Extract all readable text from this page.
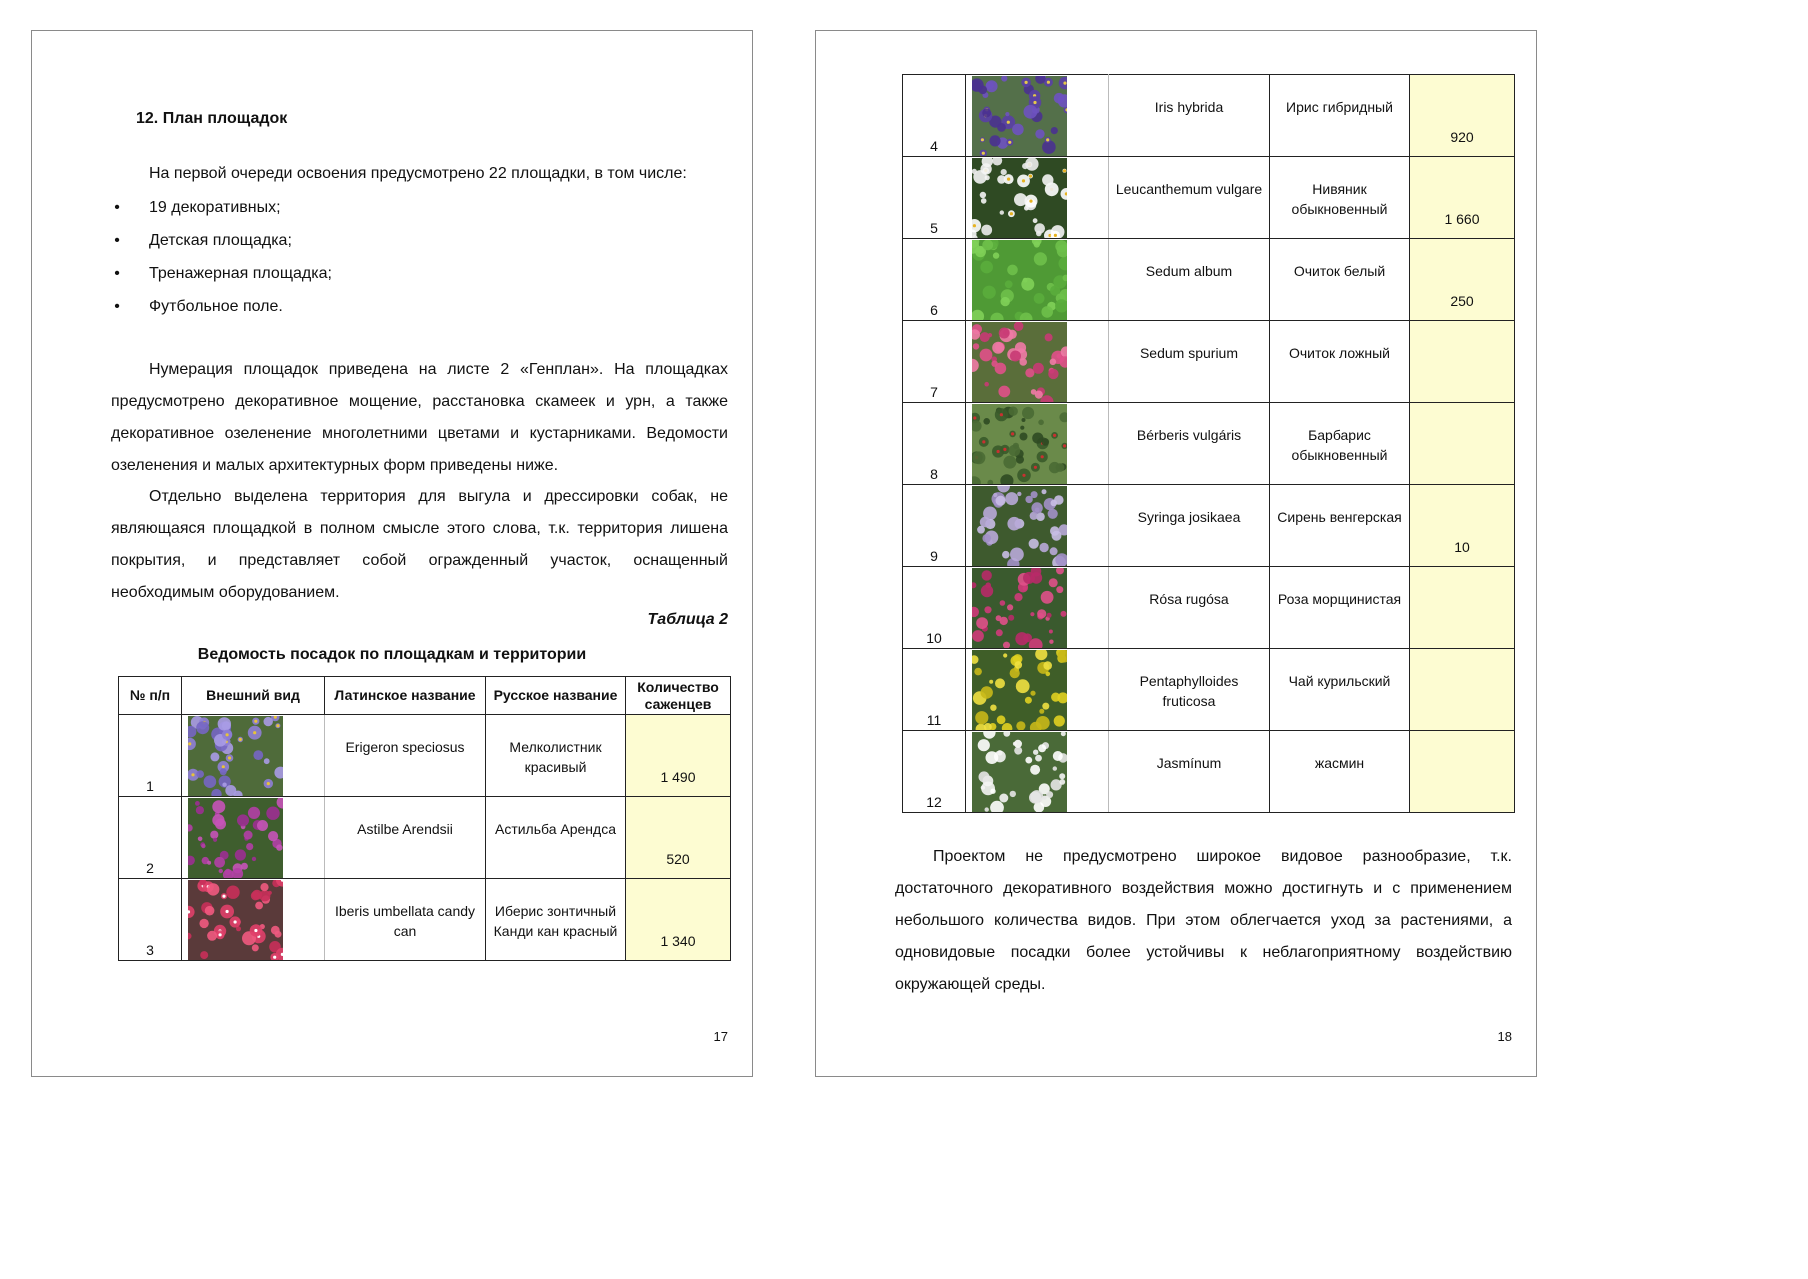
12. План площадок

На первой очереди освоения предусмотрено 22 площадки, в том числе:

• 19 декоративных;
• Детская площадка;
• Тренажерная площадка;
• Футбольное поле.

Нумерация площадок приведена на листе 2 «Генплан». На площадках предусмотрено декоративное мощение, расстановка скамеек и урн, а также декоративное озеленение многолетними цветами и кустарниками. Ведомости озеленения и малых архитектурных форм приведены ниже.

Отдельно выделена территория для выгула и дрессировки собак, не являющаяся площадкой в полном смысле этого слова, т.к. территория лишена покрытия, и представляет собой огражденный участок, оснащенный необходимым оборудованием.

Таблица 2
Ведомость посадок по площадкам и территории
№ п/п	Внешний вид	Латинское название	Русское название	Количество саженцев
1		Erigeron speciosus	Мелколистник красивый	1 490

2		Astilbe Arendsii	Астильба Арендса	520

3		Iberis umbellata candy can	Иберис зонтичный Канди кан красный	1 340
17
4		Iris hybrida	Ирис гибридный	920

5		Leucanthemum vulgare	Нивяник обыкновенный	1 660

6		Sedum album	Очиток белый	250

7		Sedum spurium	Очиток ложный	

8		Bérberis vulgáris	Барбарис обыкновенный	

9		Syringa josikaea	Сирень венгерская	10

10		Rósa rugósa	Роза морщинистая	

11		Pentaphylloides fruticosa	Чай курильский	

12		Jasmínum	жасмин	

Проектом не предусмотрено широкое видовое разнообразие, т.к. достаточного декоративного воздействия можно достигнуть и с применением небольшого количества видов. При этом облегчается уход за растениями, а одновидовые посадки более устойчивы к неблагоприятному воздействию окружающей среды.

18
